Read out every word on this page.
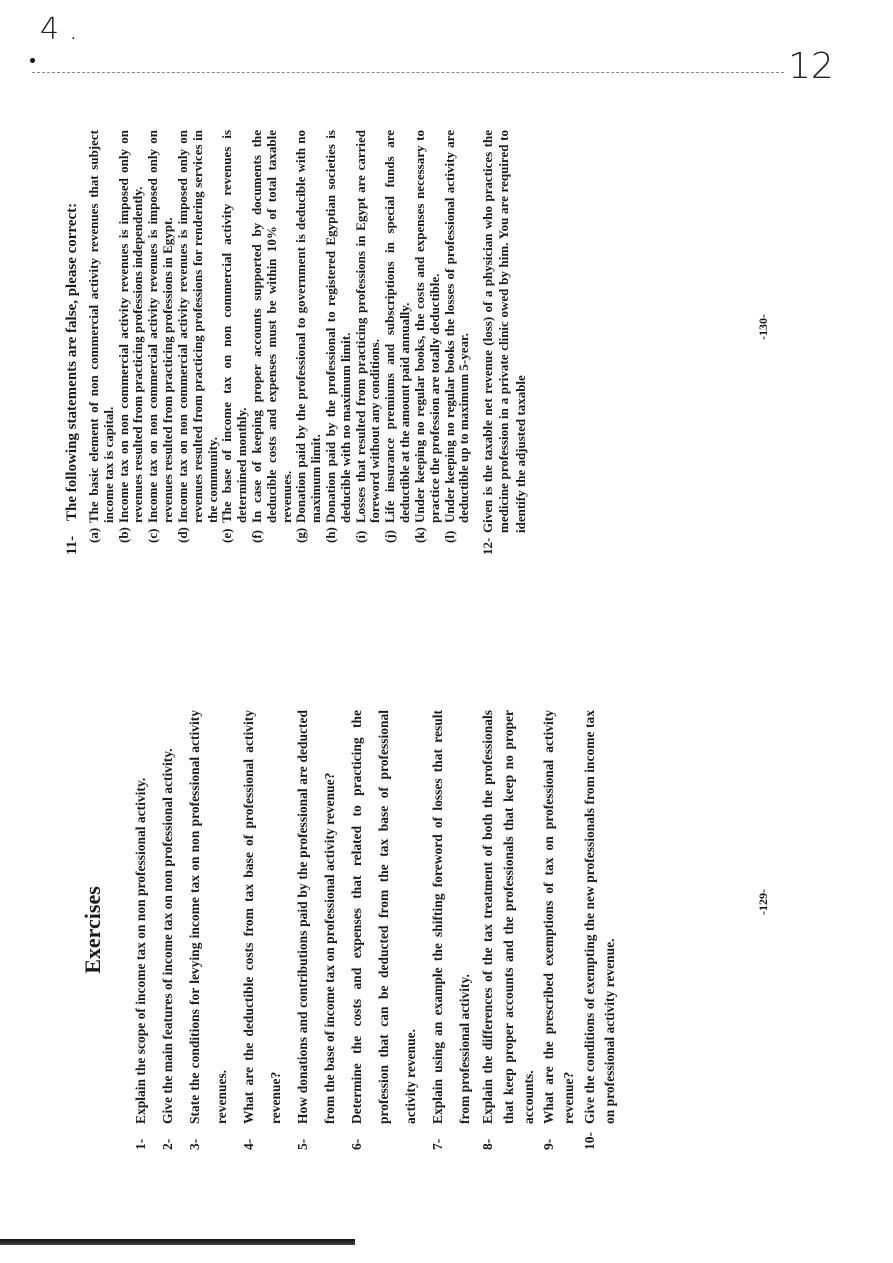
4 .
12
Exercises
1-
Explain the scope of income tax on non professional activity.
2-
Give the main features of income tax on non professional activity.
3-
State the conditions for levying income tax on non professional activity revenues.
4-
What are the deductible costs from tax base of professional activity revenue?
5-
How donations and contributions paid by the professional are deducted from the base of income tax on professional activity revenue?
6-
Determine the costs and expenses that related to practicing the profession that can be deducted from the tax base of professional activity revenue.
7-
Explain using an example the shifting foreword of losses that result from professional activity.
8-
Explain the differences of the tax treatment of both the professionals that keep proper accounts and the professionals that keep no proper accounts.
9-
What are the prescribed exemptions of tax on professional activity revenue?
10-
Give the conditions of exempting the new professionals from income tax on professional activity revenue.
-129-
11-
The following statements are false, please correct:
(a)
The basic element of non commercial activity revenues that subject income tax is capital.
(b)
Income tax on non commercial activity revenues is imposed only on revenues resulted from practicing professions independently.
(c)
Income tax on non commercial activity revenues is imposed only on revenues resulted from practicing professions in Egypt.
(d)
Income tax on non commercial activity revenues is imposed only on revenues resulted from practicing professions for rendering services in the community.
(e)
The base of income tax on non commercial activity revenues is determined monthly.
(f)
In case of keeping proper accounts supported by documents the deducible costs and expenses must be within 10% of total taxable revenues.
(g)
Donation paid by the professional to government is deducible with no maximum limit.
(h)
Donation paid by the professional to registered Egyptian societies is deducible with no maximum limit.
(i)
Losses that resulted from practicing professions in Egypt are carried foreword without any conditions.
(j)
Life insurance premiums and subscriptions in special funds are deductible at the amount paid annually.
(k)
Under keeping no regular books, the costs and expenses necessary to practice the profession are totally deductible.
(l)
Under keeping no regular books the losses of professional activity are deductible up to maximum 5-year.
12-
Given is the taxable net revenue (loss) of a physician who practices the medicine profession in a private clinic owed by him. You are required to identify the adjusted taxable
-130-
